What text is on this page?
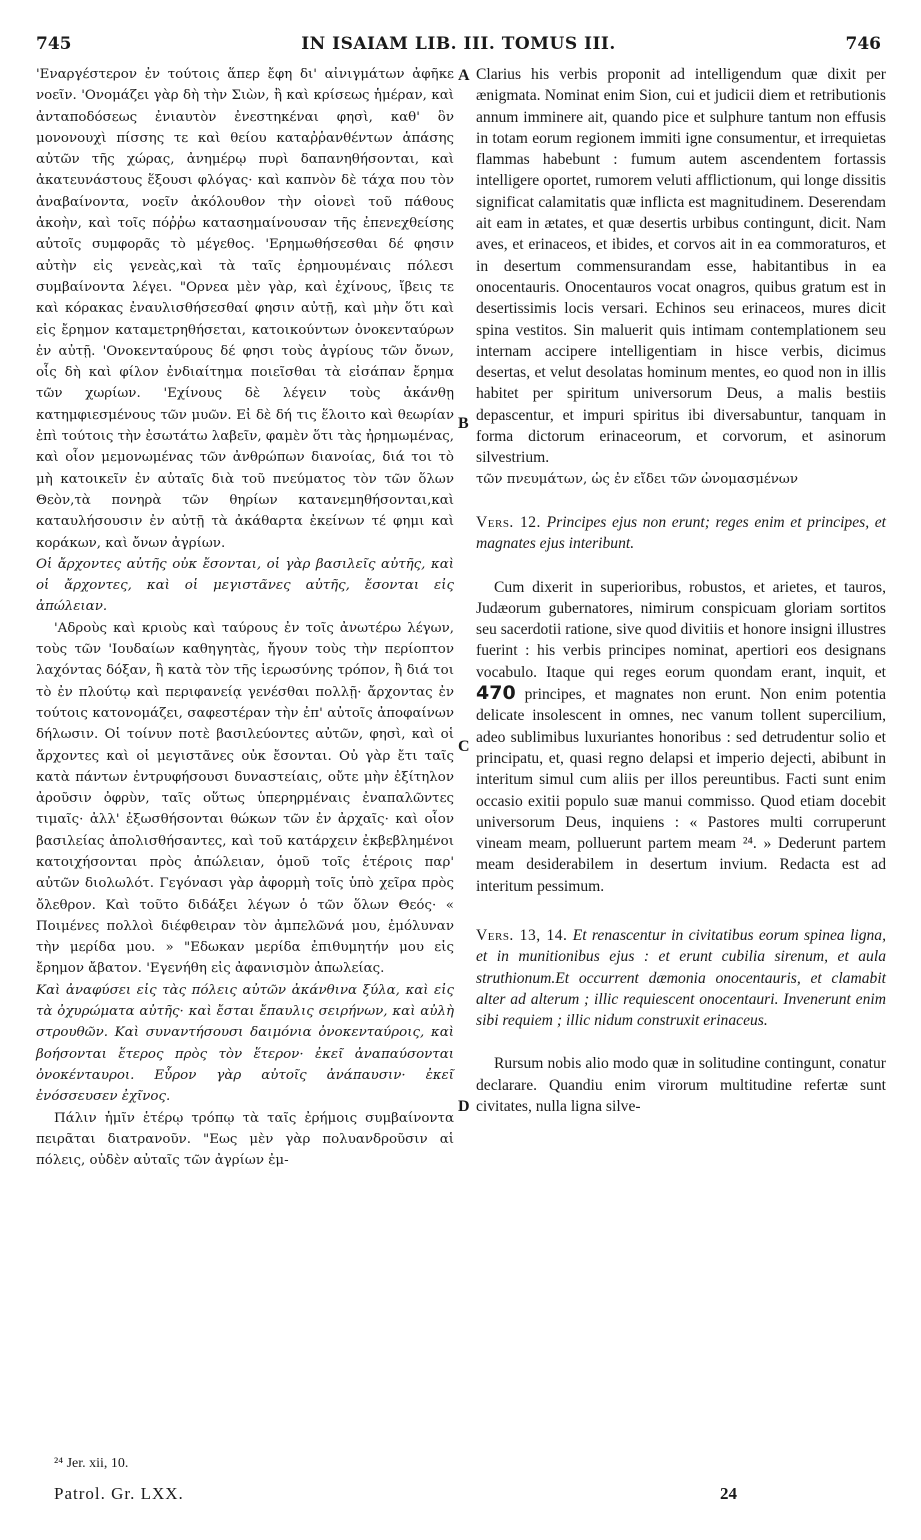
745	IN ISAIAM LIB. III. TOMUS III.	746
A
B
C
D

'Εναργέστερον ἐν τούτοις ἅπερ ἔφη δι' αἰνιγμάτων ἀφῆκε νοεῖν. 'Ονομάζει γὰρ δὴ τὴν Σιὼν, ἢ καὶ κρίσεως ἡμέραν, καὶ ἀνταποδόσεως ἐνιαυτὸν ἐνεστηκέναι φησὶ, καθ' ὃν μονονουχὶ πίσσης τε καὶ θείου καταῤῥανθέντων ἁπάσης αὐτῶν τῆς χώρας, ἀνημέρῳ πυρὶ δαπανηθήσονται, καὶ ἀκατευνάστους ἕξουσι φλόγας· καὶ καπνὸν δὲ τάχα που τὸν ἀναβαίνοντα, νοεῖν ἀκόλουθον τὴν οἱονεὶ τοῦ πάθους ἀκοὴν, καὶ τοῖς πόῤῥω κατασημαίνουσαν τῆς ἐπενεχθείσης αὐτοῖς συμφορᾶς τὸ μέγεθος. 'Ερημωθήσεσθαι δέ φησιν αὐτὴν εἰς γενεὰς,καὶ τὰ ταῖς ἐρημουμέναις πόλεσι συμβαίνοντα λέγει. "Ορνεα μὲν γὰρ, καὶ ἐχίνους, ἴβεις τε καὶ κόρακας ἐναυλισθήσεσθαί φησιν αὐτῇ, καὶ μὴν ὅτι καὶ εἰς ἔρημον καταμετρηθήσεται, κατοικούντων ὀνοκενταύρων ἐν αὐτῇ. 'Ονοκενταύρους δέ φησι τοὺς ἀγρίους τῶν ὄνων, οἷς δὴ καὶ φίλον ἐνδιαίτημα ποιεῖσθαι τὰ εἰσάπαν ἔρημα τῶν χωρίων. 'Εχίνους δὲ λέγειν τοὺς ἀκάνθῃ κατημφιεσμένους τῶν μυῶν. Εἰ δὲ δή τις ἕλοιτο καὶ θεωρίαν ἐπὶ τούτοις τὴν ἐσωτάτω λαβεῖν, φαμὲν ὅτι τὰς ἠρημωμένας, καὶ οἷον μεμονωμένας τῶν ἀνθρώπων διανοίας, διά τοι τὸ μὴ κατοικεῖν ἐν αὐταῖς διὰ τοῦ πνεύματος τὸν τῶν ὅλων Θεὸν,τὰ πονηρὰ τῶν θηρίων κατανεμηθήσονται,καὶ καταυλήσουσιν ἐν αὐτῇ τὰ ἀκάθαρτα ἐκείνων τέ φημι καὶ κοράκων, καὶ ὄνων ἀγρίων.

Οἱ ἄρχοντες αὐτῆς οὐκ ἔσονται, οἱ γὰρ βασιλεῖς αὐτῆς, καὶ οἱ ἄρχοντες, καὶ οἱ μεγιστᾶνες αὐτῆς, ἔσονται εἰς ἀπώλειαν.

'Αδροὺς καὶ κριοὺς καὶ ταύρους ἐν τοῖς ἀνωτέρω λέγων, τοὺς τῶν 'Ιουδαίων καθηγητὰς, ἤγουν τοὺς τὴν περίοπτον λαχόντας δόξαν, ἢ κατὰ τὸν τῆς ἱερωσύνης τρόπον, ἢ διά τοι τὸ ἐν πλούτῳ καὶ περιφανείᾳ γενέσθαι πολλῇ· ἄρχοντας ἐν τούτοις κατονομάζει, σαφεστέραν τὴν ἐπ' αὐτοῖς ἀποφαίνων δήλωσιν. Οἱ τοίνυν ποτὲ βασιλεύοντες αὐτῶν, φησὶ, καὶ οἱ ἄρχοντες καὶ οἱ μεγιστᾶνες οὐκ ἔσονται. Οὐ γὰρ ἔτι ταῖς κατὰ πάντων ἐντρυφήσουσι δυναστείαις, οὔτε μὴν ἐξίτηλον ἀροῦσιν ὀφρὺν, ταῖς οὕτως ὑπερηρμέναις ἐναπαλῶντες τιμαῖς· ἀλλ' ἐξωσθήσονται θώκων τῶν ἐν ἀρχαῖς· καὶ οἷον βασιλείας ἀπολισθήσαντες, καὶ τοῦ κατάρχειν ἐκβεβλημένοι κατοιχήσονται πρὸς ἀπώλειαν, ὁμοῦ τοῖς ἑτέροις παρ' αὐτῶν διολωλότ. Γεγόνασι γὰρ ἀφορμὴ τοῖς ὑπὸ χεῖρα πρὸς ὄλεθρον. Καὶ τοῦτο διδάξει λέγων ὁ τῶν ὅλων Θεός· « Ποιμένες πολλοὶ διέφθειραν τὸν ἀμπελῶνά μου, ἐμόλυναν τὴν μερίδα μου. » "Εδωκαν μερίδα ἐπιθυμητήν μου εἰς ἔρημον ἄβατον. 'Εγενήθη εἰς ἀφανισμὸν ἀπωλείας.

Καὶ ἀναφύσει εἰς τὰς πόλεις αὐτῶν ἀκάνθινα ξύλα, καὶ εἰς τὰ ὀχυρώματα αὐτῆς· καὶ ἔσται ἔπαυλις σειρήνων, καὶ αὐλὴ στρουθῶν. Καὶ συναντήσουσι δαιμόνια ὀνοκενταύροις, καὶ βοήσονται ἕτερος πρὸς τὸν ἕτερον· ἐκεῖ ἀναπαύσονται ὀνοκένταυροι. Εὗρον γὰρ αὐτοῖς ἀνάπαυσιν· ἐκεῖ ἐνόσσευσεν ἐχῖνος.

Πάλιν ἡμῖν ἑτέρῳ τρόπῳ τὰ ταῖς ἐρήμοις συμβαίνοντα πειρᾶται διατρανοῦν. "Εως μὲν γὰρ πολυανδροῦσιν αἱ πόλεις, οὐδὲν αὐταῖς τῶν ἀγρίων ἐμ-

Clarius his verbis proponit ad intelligendum quæ dixit per ænigmata. Nominat enim Sion, cui et judicii diem et retributionis annum imminere ait, quando pice et sulphure tantum non effusis in totam eorum regionem immiti igne consumentur, et irrequietas flammas habebunt : fumum autem ascendentem fortassis intelligere oportet, rumorem veluti afflictionum, qui longe dissitis significat calamitatis quæ inflicta est magnitudinem. Deserendam ait eam in ætates, et quæ desertis urbibus contingunt, dicit. Nam aves, et erinaceos, et ibides, et corvos ait in ea commoraturos, et in desertum commensurandam esse, habitantibus in ea onocentauris. Onocentauros vocat onagros, quibus gratum est in desertissimis locis versari. Echinos seu erinaceos, mures dicit spina vestitos. Sin maluerit quis intimam contemplationem seu internam accipere intelligentiam in hisce verbis, dicimus desertas, et velut desolatas hominum mentes, eo quod non in illis habitet per spiritum universorum Deus, a malis bestiis depascentur, et impuri spiritus ibi diversabuntur, tanquam in forma dictorum erinaceorum, et corvorum, et asinorum silvestrium.

τῶν πνευμάτων, ὡς ἐν εἴδει τῶν ὠνομασμένων

Vers. 12. Principes ejus non erunt; reges enim et principes, et magnates ejus interibunt.

Cum dixerit in superioribus, robustos, et arietes, et tauros, Judæorum gubernatores, nimirum conspicuam gloriam sortitos seu sacerdotii ratione, sive quod divitiis et honore insigni illustres fuerint : his verbis principes nominat, apertiori eos designans vocabulo. Itaque qui reges eorum quondam erant, inquit, et 470 principes, et magnates non erunt. Non enim potentia delicate insolescent in omnes, nec vanum tollent supercilium, adeo sublimibus luxuriantes honoribus : sed detrudentur solio et principatu, et, quasi regno delapsi et imperio dejecti, abibunt in interitum simul cum aliis per illos pereuntibus. Facti sunt enim occasio exitii populo suæ manui commisso. Quod etiam docebit universorum Deus, inquiens : « Pastores multi corruperunt vineam meam, polluerunt partem meam ²⁴. » Dederunt partem meam desiderabilem in desertum invium. Redacta est ad interitum pessimum.

Vers. 13, 14. Et renascentur in civitatibus eorum spinea ligna, et in munitionibus ejus : et erunt cubilia sirenum, et aula struthionum.Et occurrent dæmonia onocentauris, et clamabit alter ad alterum ; illic requiescent onocentauri. Invenerunt enim sibi requiem ; illic nidum construxit erinaceus.

Rursum nobis alio modo quæ in solitudine contingunt, conatur declarare. Quandiu enim virorum multitudine refertæ sunt civitates, nulla ligna silve-

²⁴ Jer. xii, 10.
Patrol. Gr. LXX.	24
